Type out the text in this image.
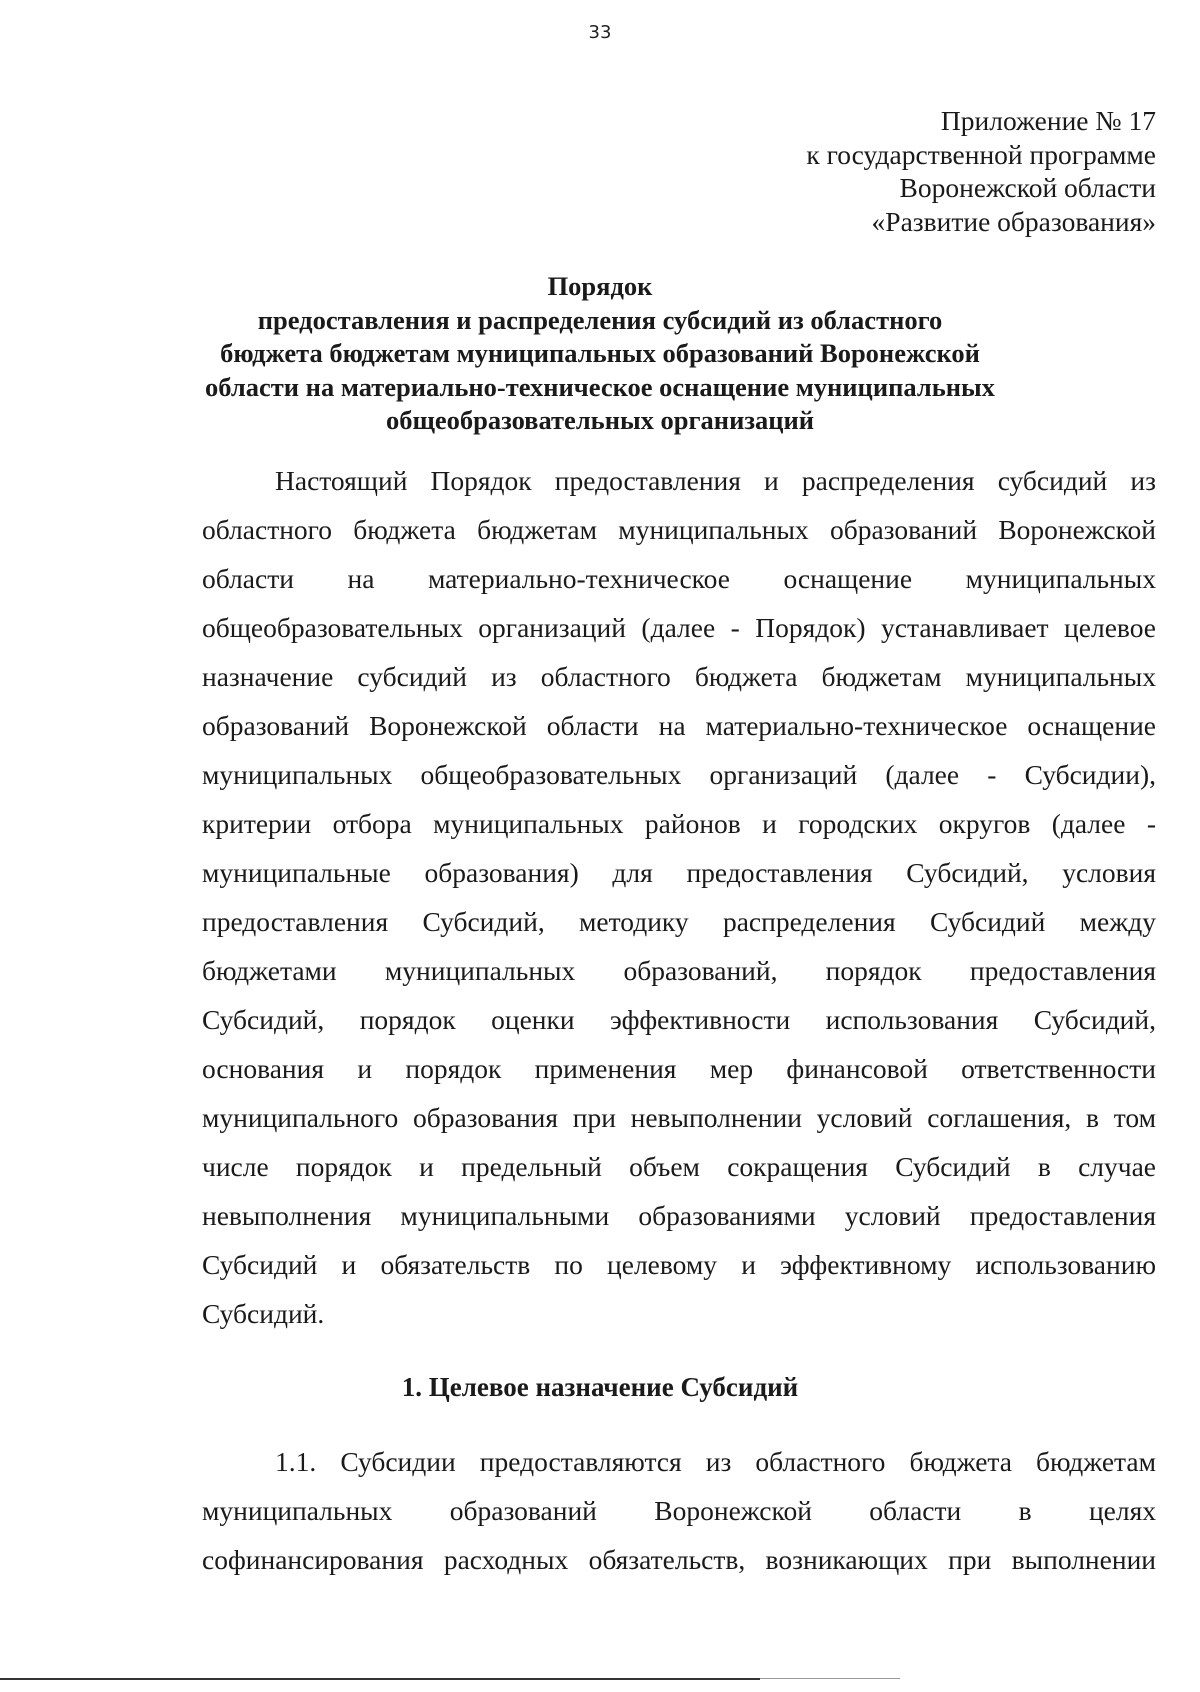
33
Приложение № 17
к государственной программе
Воронежской области
«Развитие образования»
Порядок
предоставления и распределения субсидий из областного
бюджета бюджетам муниципальных образований Воронежской
области на материально-техническое оснащение муниципальных
общеобразовательных организаций
Настоящий Порядок предоставления и распределения субсидий из
областного бюджета бюджетам муниципальных образований Воронежской
области на материально-техническое оснащение муниципальных
общеобразовательных организаций (далее - Порядок) устанавливает целевое
назначение субсидий из областного бюджета бюджетам муниципальных
образований Воронежской области на материально-техническое оснащение
муниципальных общеобразовательных организаций (далее - Субсидии),
критерии отбора муниципальных районов и городских округов (далее -
муниципальные образования) для предоставления Субсидий, условия
предоставления Субсидий, методику распределения Субсидий между
бюджетами муниципальных образований, порядок предоставления
Субсидий, порядок оценки эффективности использования Субсидий,
основания и порядок применения мер финансовой ответственности
муниципального образования при невыполнении условий соглашения, в том
числе порядок и предельный объем сокращения Субсидий в случае
невыполнения муниципальными образованиями условий предоставления
Субсидий и обязательств по целевому и эффективному использованию
Субсидий.
1. Целевое назначение Субсидий
1.1. Субсидии предоставляются из областного бюджета бюджетам
муниципальных образований Воронежской области в целях
софинансирования расходных обязательств, возникающих при выполнении
